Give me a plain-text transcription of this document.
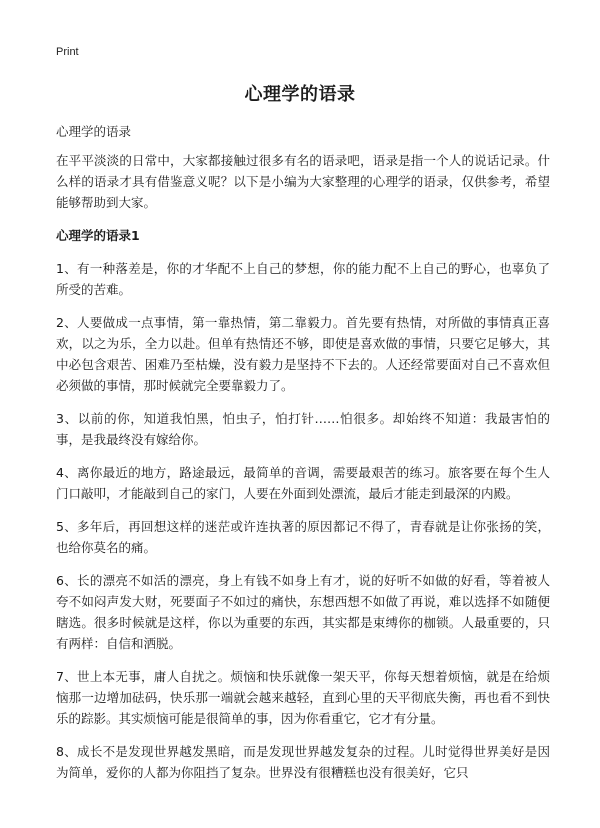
Print
心理学的语录

心理学的语录

在平平淡淡的日常中，大家都接触过很多有名的语录吧，语录是指一个人的说话记录。什么样的语录才具有借鉴意义呢？以下是小编为大家整理的心理学的语录，仅供参考，希望能够帮助到大家。

心理学的语录1

1、有一种落差是，你的才华配不上自己的梦想，你的能力配不上自己的野心，也辜负了所受的苦难。

2、人要做成一点事情，第一靠热情，第二靠毅力。首先要有热情，对所做的事情真正喜欢，以之为乐，全力以赴。但单有热情还不够，即使是喜欢做的事情，只要它足够大，其中必包含艰苦、困难乃至枯燥，没有毅力是坚持不下去的。人还经常要面对自己不喜欢但必须做的事情，那时候就完全要靠毅力了。

3、以前的你，知道我怕黑，怕虫子，怕打针……怕很多。却始终不知道：我最害怕的事，是我最终没有嫁给你。

4、离你最近的地方，路途最远，最简单的音调，需要最艰苦的练习。旅客要在每个生人门口敲叩，才能敲到自己的家门，人要在外面到处漂流，最后才能走到最深的内殿。

5、多年后，再回想这样的迷茫或许连执著的原因都记不得了，青春就是让你张扬的笑，也给你莫名的痛。

6、长的漂亮不如活的漂亮，身上有钱不如身上有才，说的好听不如做的好看，等着被人夸不如闷声发大财，死要面子不如过的痛快，东想西想不如做了再说，难以选择不如随便瞎选。很多时候就是这样，你以为重要的东西，其实都是束缚你的枷锁。人最重要的，只有两样：自信和洒脱。

7、世上本无事，庸人自扰之。烦恼和快乐就像一架天平，你每天想着烦恼，就是在给烦恼那一边增加砝码，快乐那一端就会越来越轻，直到心里的天平彻底失衡，再也看不到快乐的踪影。其实烦恼可能是很简单的事，因为你看重它，它才有分量。

8、成长不是发现世界越发黑暗，而是发现世界越发复杂的过程。儿时觉得世界美好是因为简单，爱你的人都为你阻挡了复杂。世界没有很糟糕也没有很美好，它只
